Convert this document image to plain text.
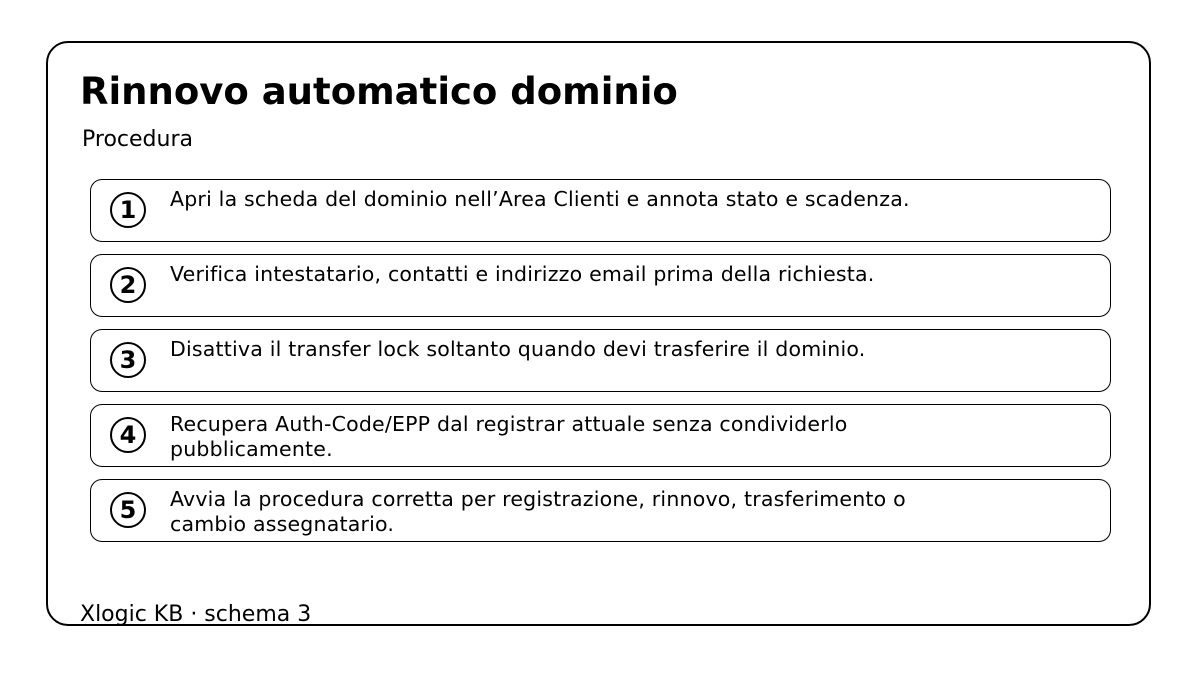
Rinnovo automatico dominio
Procedura
1	Apri la scheda del dominio nell’Area Clienti e annota stato e scadenza.
2	Verifica intestatario, contatti e indirizzo email prima della richiesta.
3	Disattiva il transfer lock soltanto quando devi trasferire il dominio.
4	Recupera Auth-Code/EPP dal registrar attuale senza condividerlo pubblicamente.
5	Avvia la procedura corretta per registrazione, rinnovo, trasferimento o cambio assegnatario.
Xlogic KB · schema 3
